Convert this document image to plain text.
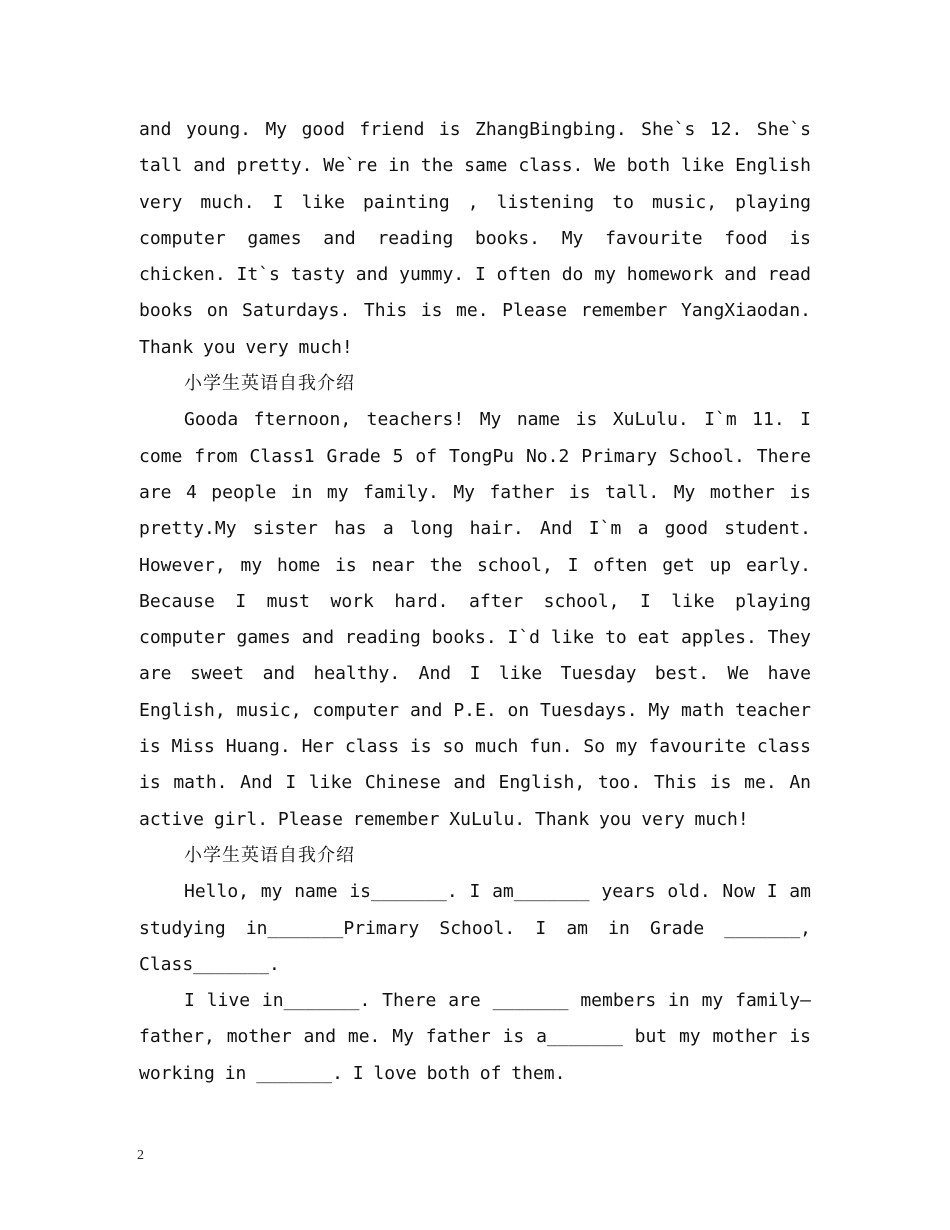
and young. My good friend is ZhangBingbing. She`s 12. She`s tall and pretty. We`re in the same class. We both like English very much. I like painting , listening to music, playing computer games and reading books. My favourite food is chicken. It`s tasty and yummy. I often do my homework and read books on Saturdays. This is me. Please remember YangXiaodan. Thank you very much!

小学生英语自我介绍

Gooda fternoon, teachers! My name is XuLulu. I`m 11. I come from Class1 Grade 5 of TongPu No.2 Primary School. There are 4 people in my family. My father is tall. My mother is pretty.My sister has a long hair. And I`m a good student. However, my home is near the school, I often get up early. Because I must work hard. after school, I like playing computer games and reading books. I`d like to eat apples. They are sweet and healthy. And I like Tuesday best. We have English, music, computer and P.E. on Tuesdays. My math teacher is Miss Huang. Her class is so much fun. So my favourite class is math. And I like Chinese and English, too. This is me. An active girl. Please remember XuLulu. Thank you very much!

小学生英语自我介绍

Hello, my name is_______. I am_______ years old. Now I am studying in_______Primary School. I am in Grade _______, Class_______.

I live in_______. There are _______ members in my family—father, mother and me. My father is a_______ but my mother is working in _______. I love both of them.

2
